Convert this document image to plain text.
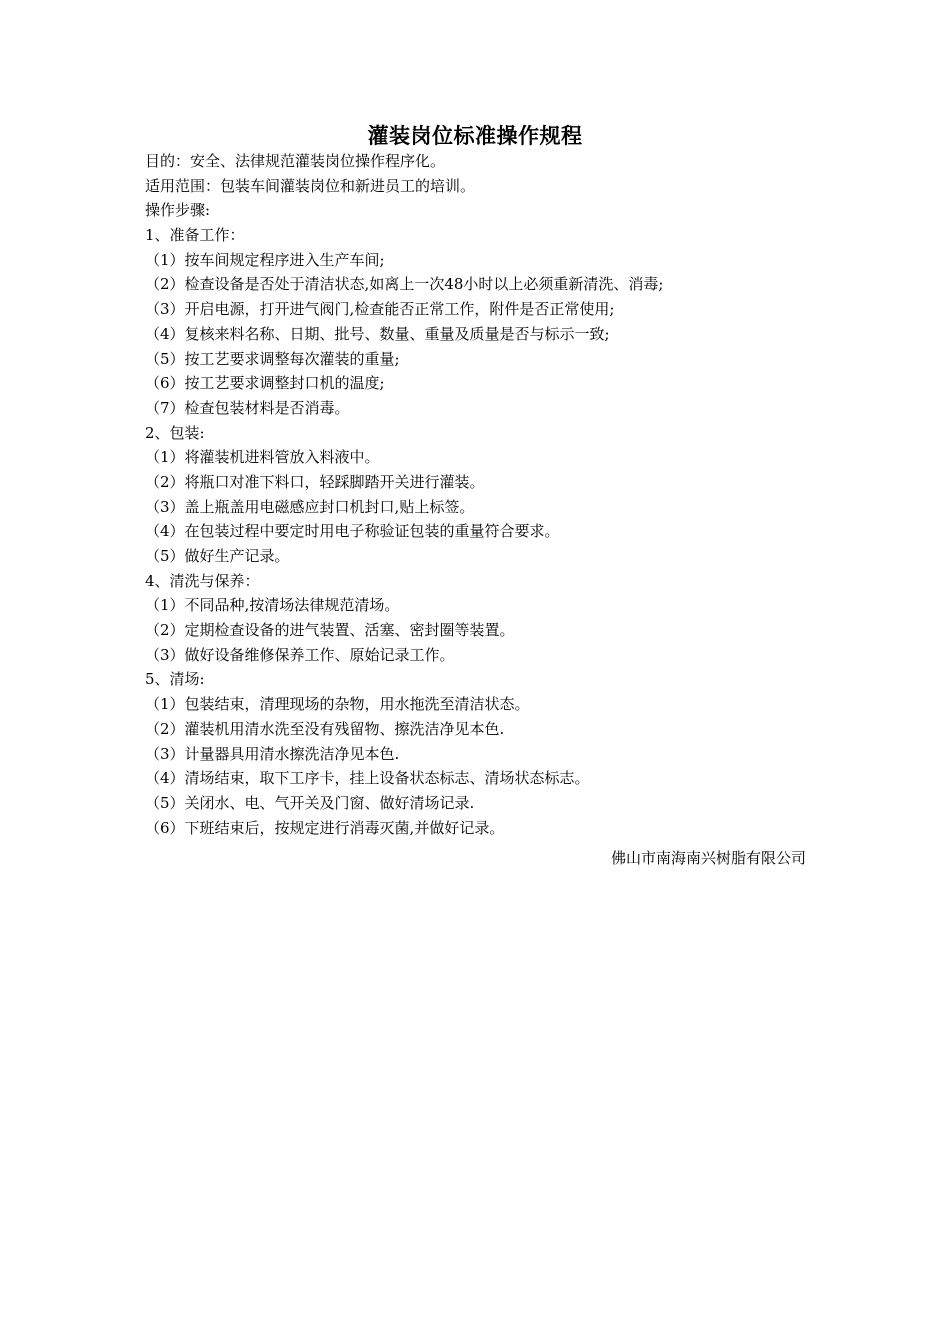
灌装岗位标准操作规程
目的：安全、法律规范灌装岗位操作程序化。
适用范围：包装车间灌装岗位和新进员工的培训。
操作步骤:
1、准备工作：
（1）按车间规定程序进入生产车间;
（2）检查设备是否处于清洁状态,如离上一次48小时以上必须重新清洗、消毒;
（3）开启电源，打开进气阀门,检查能否正常工作，附件是否正常使用;
（4）复核来料名称、日期、批号、数量、重量及质量是否与标示一致;
（5）按工艺要求调整每次灌装的重量;
（6）按工艺要求调整封口机的温度;
（7）检查包装材料是否消毒。
2、包装:
（1）将灌装机进料管放入料液中。
（2）将瓶口对准下料口，轻踩脚踏开关进行灌装。
（3）盖上瓶盖用电磁感应封口机封口,贴上标签。
（4）在包装过程中要定时用电子称验证包装的重量符合要求。
（5）做好生产记录。
4、清洗与保养：
（1）不同品种,按清场法律规范清场。
（2）定期检查设备的进气装置、活塞、密封圈等装置。
（3）做好设备维修保养工作、原始记录工作。
5、清场:
（1）包装结束，清理现场的杂物，用水拖洗至清洁状态。
（2）灌装机用清水洗至没有残留物、擦洗洁净见本色.
（3）计量器具用清水擦洗洁净见本色.
（4）清场结束，取下工序卡，挂上设备状态标志、清场状态标志。
（5）关闭水、电、气开关及门窗、做好清场记录.
（6）下班结束后，按规定进行消毒灭菌,并做好记录。
佛山市南海南兴树脂有限公司
